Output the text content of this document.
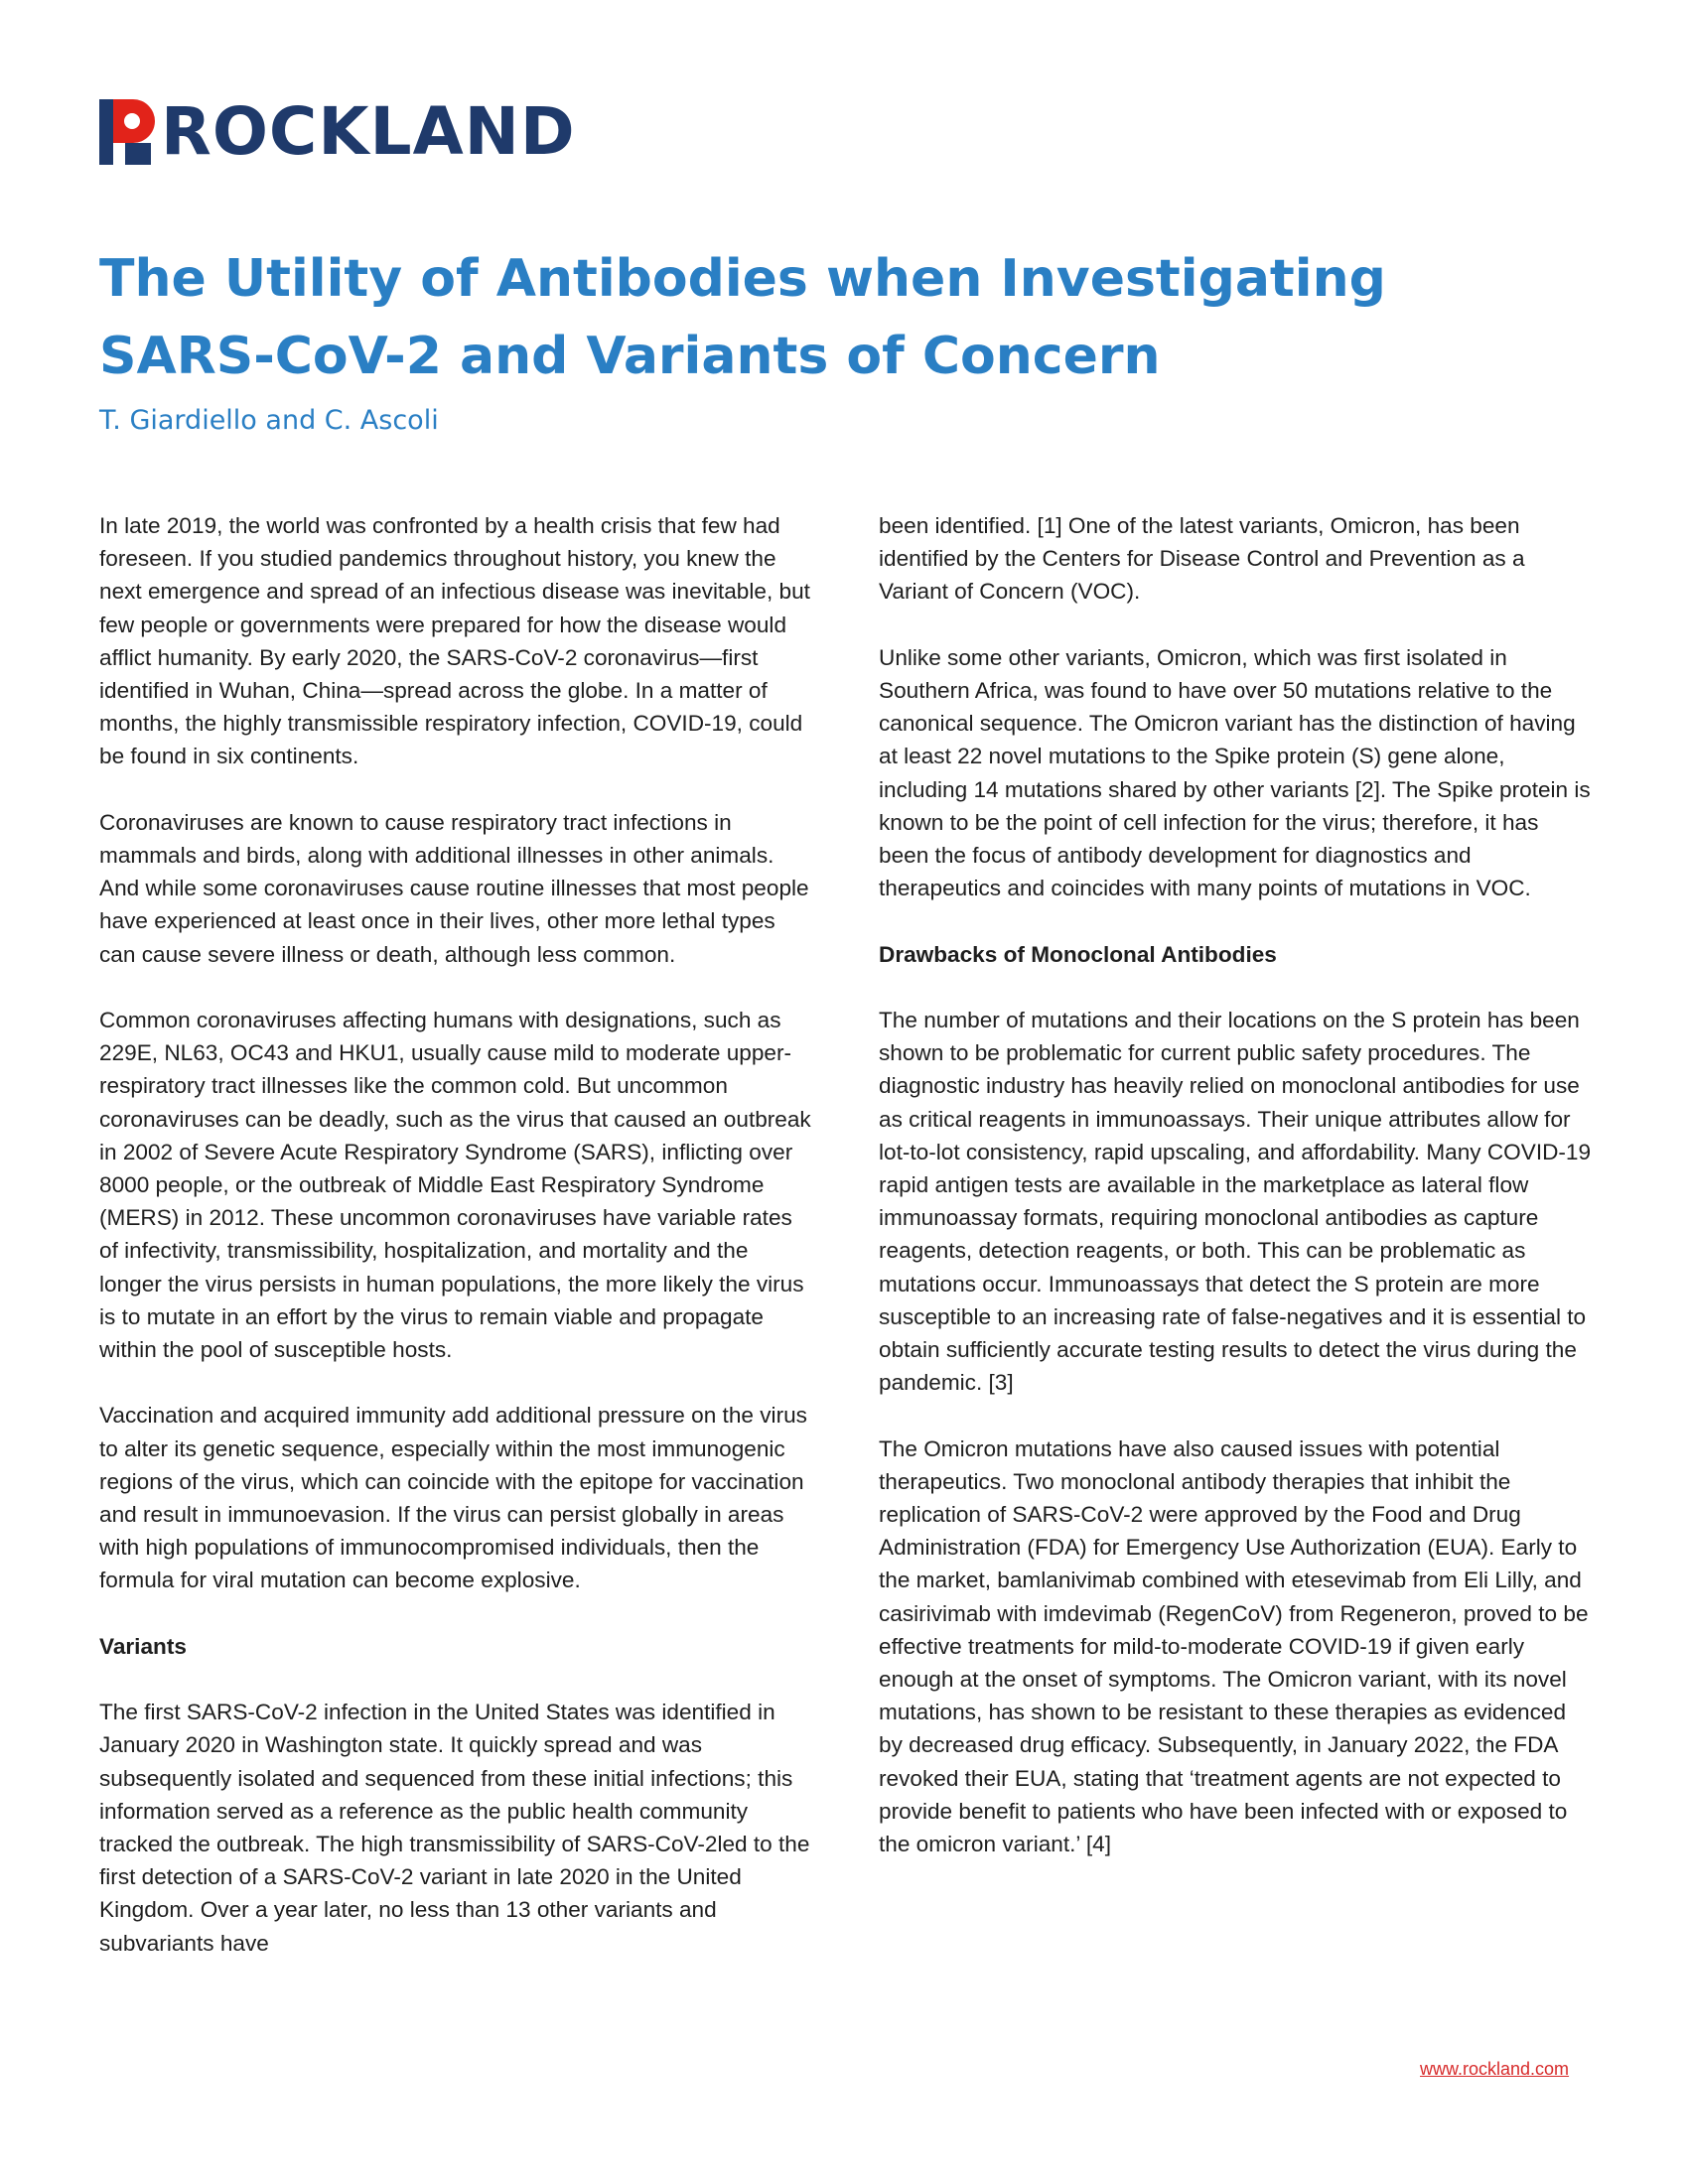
ROCKLAND
The Utility of Antibodies when Investigating
SARS-CoV-2 and Variants of Concern
T. Giardiello and C. Ascoli

In late 2019, the world was confronted by a health crisis that few had foreseen. If you studied pandemics throughout history, you knew the next emergence and spread of an infectious disease was inevitable, but few people or governments were prepared for how the disease would afflict humanity. By early 2020, the SARS-CoV-2 coronavirus—first identified in Wuhan, China—spread across the globe. In a matter of months, the highly transmissible respiratory infection, COVID-19, could be found in six continents.

Coronaviruses are known to cause respiratory tract infections in mammals and birds, along with additional illnesses in other animals. And while some coronaviruses cause routine illnesses that most people have experienced at least once in their lives, other more lethal types can cause severe illness or death, although less common.

Common coronaviruses affecting humans with designations, such as 229E, NL63, OC43 and HKU1, usually cause mild to moderate upper-respiratory tract illnesses like the common cold. But uncommon coronaviruses can be deadly, such as the virus that caused an outbreak in 2002 of Severe Acute Respiratory Syndrome (SARS), inflicting over 8000 people, or the outbreak of Middle East Respiratory Syndrome (MERS) in 2012. These uncommon coronaviruses have variable rates of infectivity, transmissibility, hospitalization, and mortality and the longer the virus persists in human populations, the more likely the virus is to mutate in an effort by the virus to remain viable and propagate within the pool of susceptible hosts.

Vaccination and acquired immunity add additional pressure on the virus to alter its genetic sequence, especially within the most immunogenic regions of the virus, which can coincide with the epitope for vaccination and result in immunoevasion. If the virus can persist globally in areas with high populations of immunocompromised individuals, then the formula for viral mutation can become explosive.

Variants

The first SARS-CoV-2 infection in the United States was identified in January 2020 in Washington state. It quickly spread and was subsequently isolated and sequenced from these initial infections; this information served as a reference as the public health community tracked the outbreak. The high transmissibility of SARS-CoV-2led to the first detection of a SARS-CoV-2 variant in late 2020 in the United Kingdom. Over a year later, no less than 13 other variants and subvariants have

been identified. [1] One of the latest variants, Omicron, has been identified by the Centers for Disease Control and Prevention as a Variant of Concern (VOC).

Unlike some other variants, Omicron, which was first isolated in Southern Africa, was found to have over 50 mutations relative to the canonical sequence. The Omicron variant has the distinction of having at least 22 novel mutations to the Spike protein (S) gene alone, including 14 mutations shared by other variants [2]. The Spike protein is known to be the point of cell infection for the virus; therefore, it has been the focus of antibody development for diagnostics and therapeutics and coincides with many points of mutations in VOC.

Drawbacks of Monoclonal Antibodies

The number of mutations and their locations on the S protein has been shown to be problematic for current public safety procedures. The diagnostic industry has heavily relied on monoclonal antibodies for use as critical reagents in immunoassays. Their unique attributes allow for lot-to-lot consistency, rapid upscaling, and affordability. Many COVID-19 rapid antigen tests are available in the marketplace as lateral flow immunoassay formats, requiring monoclonal antibodies as capture reagents, detection reagents, or both. This can be problematic as mutations occur. Immunoassays that detect the S protein are more susceptible to an increasing rate of false-negatives and it is essential to obtain sufficiently accurate testing results to detect the virus during the pandemic. [3]

The Omicron mutations have also caused issues with potential therapeutics. Two monoclonal antibody therapies that inhibit the replication of SARS-CoV-2 were approved by the Food and Drug Administration (FDA) for Emergency Use Authorization (EUA). Early to the market, bamlanivimab combined with etesevimab from Eli Lilly, and casirivimab with imdevimab (RegenCoV) from Regeneron, proved to be effective treatments for mild-to-moderate COVID-19 if given early enough at the onset of symptoms. The Omicron variant, with its novel mutations, has shown to be resistant to these therapies as evidenced by decreased drug efficacy. Subsequently, in January 2022, the FDA revoked their EUA, stating that ‘treatment agents are not expected to provide benefit to patients who have been infected with or exposed to the omicron variant.’ [4]

www.rockland.com
